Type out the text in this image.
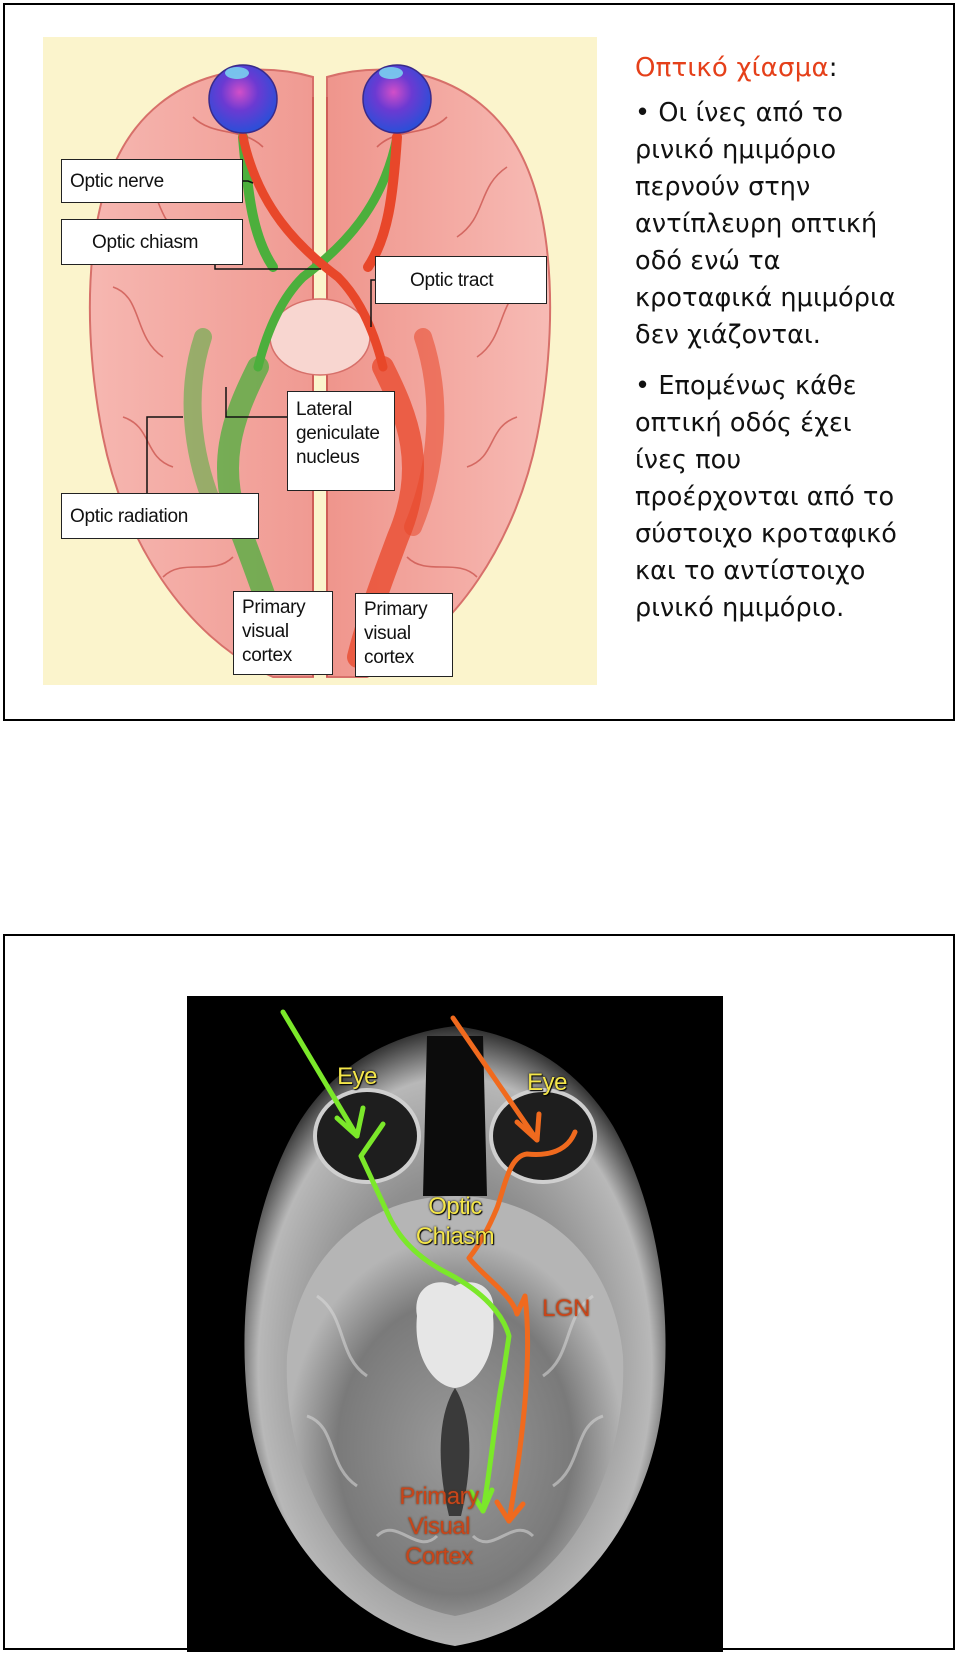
Optic nerve
Optic chiasm
Optic tract
Lateral
geniculate
nucleus
Optic radiation
Primary
visual
cortex
Primary
visual
cortex
Οπτικό χίασμα:
• Οι ίνες από το
ρινικό ημιμόριο
περνούν στην
αντίπλευρη οπτική
οδό ενώ τα
κροταφικά ημιμόρια
δεν χιάζονται.
• Επομένως κάθε
οπτική οδός έχει
ίνες που
προέρχονται από το
σύστοιχο κροταφικό
και το αντίστοιχο
ρινικό ημιμόριο.
Eye	Eye
Optic
Chiasm
LGN
Primary
Visual
Cortex
